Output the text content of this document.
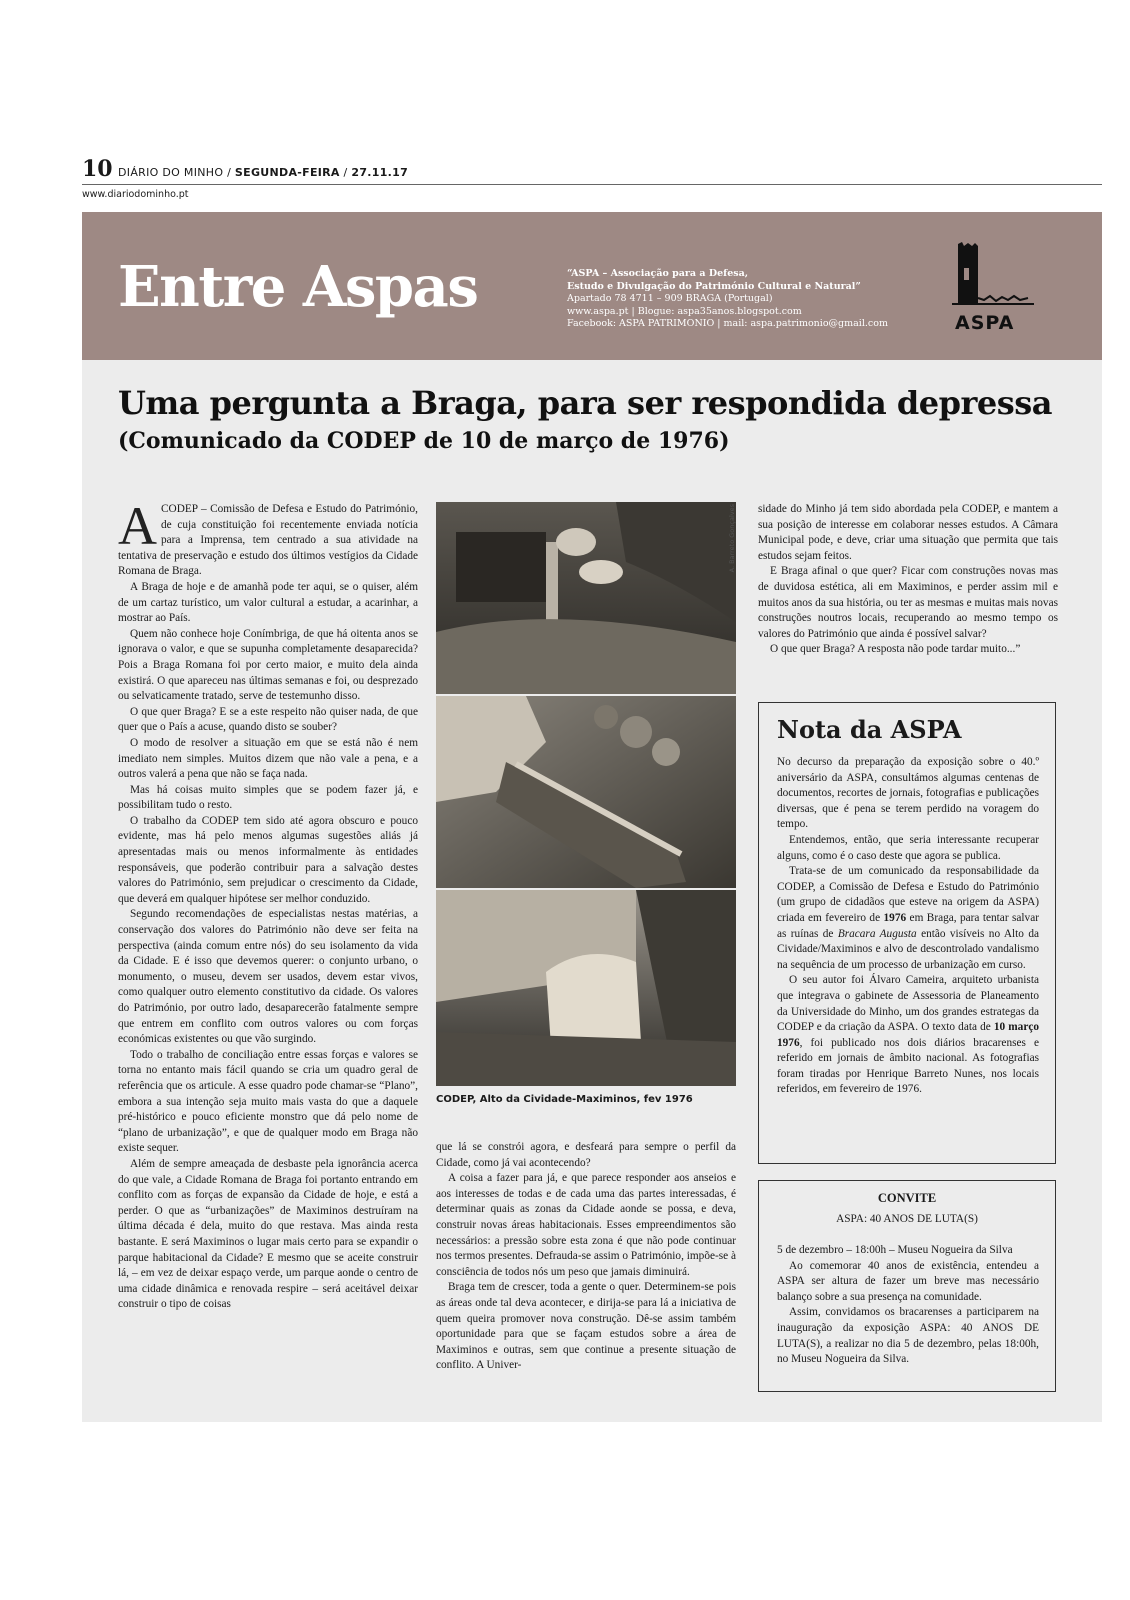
10 DIÁRIO DO MINHO / SEGUNDA-FEIRA / 27.11.17
www.diariodominho.pt
Entre Aspas	“ASPA – Associação para a Defesa,
Estudo e Divulgação do Património Cultural e Natural”
Apartado 78 4711 – 909 BRAGA (Portugal)
www.aspa.pt | Blogue: aspa35anos.blogspot.com
Facebook: ASPA PATRIMONIO | mail: aspa.patrimonio@gmail.com	ASPA
Uma pergunta a Braga, para ser respondida depressa
(Comunicado da CODEP de 10 de março de 1976)

ACODEP – Comissão de Defesa e Estudo do Património, de cuja constituição foi recentemente enviada notícia para a Imprensa, tem centrado a sua atividade na tentativa de preservação e estudo dos últimos vestígios da Cidade Romana de Braga.

A Braga de hoje e de amanhã pode ter aqui, se o quiser, além de um cartaz turístico, um valor cultural a estudar, a acarinhar, a mostrar ao País.

Quem não conhece hoje Conímbriga, de que há oitenta anos se ignorava o valor, e que se supunha completamente desaparecida? Pois a Braga Romana foi por certo maior, e muito dela ainda existirá. O que apareceu nas últimas semanas e foi, ou desprezado ou selvaticamente tratado, serve de testemunho disso.

O que quer Braga? E se a este respeito não quiser nada, de que quer que o País a acuse, quando disto se souber?

O modo de resolver a situação em que se está não é nem imediato nem simples. Muitos dizem que não vale a pena, e a outros valerá a pena que não se faça nada.

Mas há coisas muito simples que se podem fazer já, e possibilitam tudo o resto.

O trabalho da CODEP tem sido até agora obscuro e pouco evidente, mas há pelo menos algumas sugestões aliás já apresentadas mais ou menos informalmente às entidades responsáveis, que poderão contribuir para a salvação destes valores do Património, sem prejudicar o crescimento da Cidade, que deverá em qualquer hipótese ser melhor conduzido.

Segundo recomendações de especialistas nestas matérias, a conservação dos valores do Património não deve ser feita na perspectiva (ainda comum entre nós) do seu isolamento da vida da Cidade. E é isso que devemos querer: o conjunto urbano, o monumento, o museu, devem ser usados, devem estar vivos, como qualquer outro elemento constitutivo da cidade. Os valores do Património, por outro lado, desaparecerão fatalmente sempre que entrem em conflito com outros valores ou com forças económicas existentes ou que vão surgindo.

Todo o trabalho de conciliação entre essas forças e valores se torna no entanto mais fácil quando se cria um quadro geral de referência que os articule. A esse quadro pode chamar-se “Plano”, embora a sua intenção seja muito mais vasta do que a daquele pré-histórico e pouco eficiente monstro que dá pelo nome de “plano de urbanização”, e que de qualquer modo em Braga não existe sequer.

Além de sempre ameaçada de desbaste pela ignorância acerca do que vale, a Cidade Romana de Braga foi portanto entrando em conflito com as forças de expansão da Cidade de hoje, e está a perder. O que as “urbanizações” de Maximinos destruíram na última década é dela, muito do que restava. Mas ainda resta bastante. E será Maximinos o lugar mais certo para se expandir o parque habitacional da Cidade? E mesmo que se aceite construir lá, – em vez de deixar espaço verde, um parque aonde o centro de uma cidade dinâmica e renovada respire – será aceitável deixar construir o tipo de coisas

A. Barreto Gonçalves
CODEP, Alto da Cividade-Maximinos, fev 1976

que lá se constrói agora, e desfeará para sempre o perfil da Cidade, como já vai acontecendo?

A coisa a fazer para já, e que parece responder aos anseios e aos interesses de todas e de cada uma das partes interessadas, é determinar quais as zonas da Cidade aonde se possa, e deva, construir novas áreas habitacionais. Esses empreendimentos são necessários: a pressão sobre esta zona é que não pode continuar nos termos presentes. Defrauda-se assim o Património, impõe-se à consciência de todos nós um peso que jamais diminuirá.

Braga tem de crescer, toda a gente o quer. Determinem-se pois as áreas onde tal deva acontecer, e dirija-se para lá a iniciativa de quem queira promover nova construção. Dê-se assim também oportunidade para que se façam estudos sobre a área de Maximinos e outras, sem que continue a presente situação de conflito. A Univer-

sidade do Minho já tem sido abordada pela CODEP, e mantem a sua posição de interesse em colaborar nesses estudos. A Câmara Municipal pode, e deve, criar uma situação que permita que tais estudos sejam feitos.

E Braga afinal o que quer? Ficar com construções novas mas de duvidosa estética, ali em Maximinos, e perder assim mil e muitos anos da sua história, ou ter as mesmas e muitas mais novas construções noutros locais, recuperando ao mesmo tempo os valores do Património que ainda é possível salvar?

O que quer Braga? A resposta não pode tardar muito...”

Nota da ASPA

No decurso da preparação da exposição sobre o 40.º aniversário da ASPA, consultámos algumas centenas de documentos, recortes de jornais, fotografias e publicações diversas, que é pena se terem perdido na voragem do tempo.

Entendemos, então, que seria interessante recuperar alguns, como é o caso deste que agora se publica.

Trata-se de um comunicado da responsabilidade da CODEP, a Comissão de Defesa e Estudo do Património (um grupo de cidadãos que esteve na origem da ASPA) criada em fevereiro de 1976 em Braga, para tentar salvar as ruínas de Bracara Augusta então visíveis no Alto da Cividade/Maximinos e alvo de descontrolado vandalismo na sequência de um processo de urbanização em curso.

O seu autor foi Álvaro Cameira, arquiteto urbanista que integrava o gabinete de Assessoria de Planeamento da Universidade do Minho, um dos grandes estrategas da CODEP e da criação da ASPA. O texto data de 10 março 1976, foi publicado nos dois diários bracarenses e referido em jornais de âmbito nacional. As fotografias foram tiradas por Henrique Barreto Nunes, nos locais referidos, em fevereiro de 1976.

CONVITE
ASPA: 40 ANOS DE LUTA(S)

5 de dezembro – 18:00h – Museu Nogueira da Silva

Ao comemorar 40 anos de existência, entendeu a ASPA ser altura de fazer um breve mas necessário balanço sobre a sua presença na comunidade.

Assim, convidamos os bracarenses a participarem na inauguração da exposição ASPA: 40 ANOS DE LUTA(S), a realizar no dia 5 de dezembro, pelas 18:00h, no Museu Nogueira da Silva.
